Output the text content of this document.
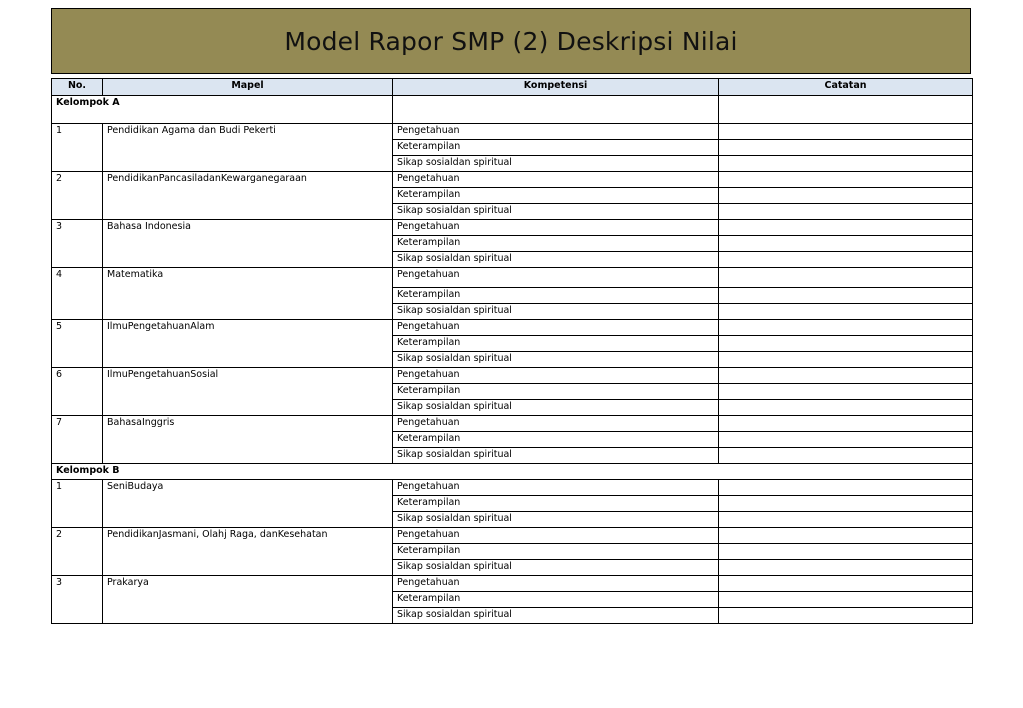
Model Rapor SMP (2) Deskripsi Nilai
No.	Mapel	Kompetensi	Catatan
Kelompok A			
1	Pendidikan Agama dan Budi Pekerti	Pengetahuan	
		Keterampilan	
		Sikap sosialdan spiritual	
2	PendidikanPancasiladanKewarganegaraan	Pengetahuan	
		Keterampilan	
		Sikap sosialdan spiritual	
3	Bahasa Indonesia	Pengetahuan	
		Keterampilan	
		Sikap sosialdan spiritual	
4	Matematika	Pengetahuan	
		Keterampilan	
		Sikap sosialdan spiritual	
5	IlmuPengetahuanAlam	Pengetahuan	
		Keterampilan	
		Sikap sosialdan spiritual	
6	IlmuPengetahuanSosial	Pengetahuan	
		Keterampilan	
		Sikap sosialdan spiritual	
7	BahasaInggris	Pengetahuan	
		Keterampilan	
		Sikap sosialdan spiritual	
Kelompok B			
1	SeniBudaya	Pengetahuan	
		Keterampilan	
		Sikap sosialdan spiritual	
2	PendidikanJasmani, Olahj Raga, danKesehatan	Pengetahuan	
		Keterampilan	
		Sikap sosialdan spiritual	
3	Prakarya	Pengetahuan	
		Keterampilan	
		Sikap sosialdan spiritual	
